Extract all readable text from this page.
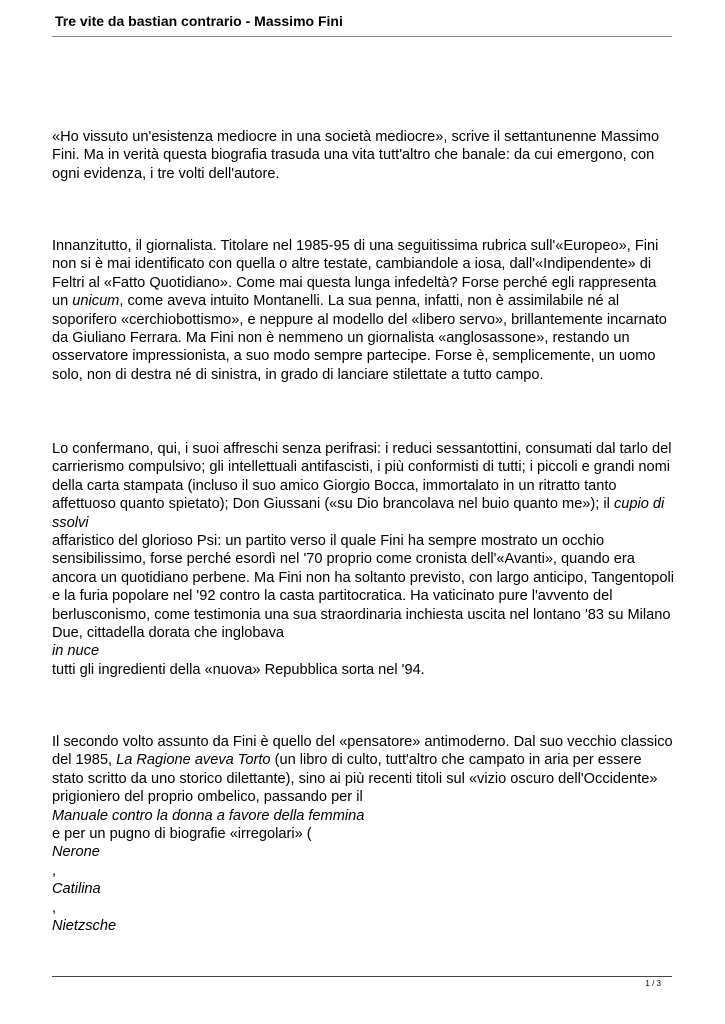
Tre vite da bastian contrario - Massimo Fini

«Ho vissuto un'esistenza mediocre in una società mediocre», scrive il settantunenne Massimo Fini. Ma in verità questa biografia trasuda una vita tutt'altro che banale: da cui emergono, con ogni evidenza, i tre volti dell'autore.

Innanzitutto, il giornalista. Titolare nel 1985-95 di una seguitissima rubrica sull'«Europeo», Fini non si è mai identificato con quella o altre testate, cambiandole a iosa, dall'«Indipendente» di Feltri al «Fatto Quotidiano». Come mai questa lunga infedeltà? Forse perché egli rappresenta un unicum, come aveva intuito Montanelli. La sua penna, infatti, non è assimilabile né al soporifero «cerchiobottismo», e neppure al modello del «libero servo», brillantemente incarnato da Giuliano Ferrara. Ma Fini non è nemmeno un giornalista «anglosassone», restando un osservatore impressionista, a suo modo sempre partecipe. Forse è, semplicemente, un uomo solo, non di destra né di sinistra, in grado di lanciare stilettate a tutto campo.

Lo confermano, qui, i suoi affreschi senza perifrasi: i reduci sessantottini, consumati dal tarlo del carrierismo compulsivo; gli intellettuali antifascisti, i più conformisti di tutti; i piccoli e grandi nomi della carta stampata (incluso il suo amico Giorgio Bocca, immortalato in un ritratto tanto affettuoso quanto spietato); Don Giussani («su Dio brancolava nel buio quanto me»); il cupio di ssolvi

affaristico del glorioso Psi: un partito verso il quale Fini ha sempre mostrato un occhio sensibilissimo, forse perché esordì nel '70 proprio come cronista dell'«Avanti», quando era ancora un quotidiano perbene. Ma Fini non ha soltanto previsto, con largo anticipo, Tangentopoli e la furia popolare nel '92 contro la casta partitocratica. Ha vaticinato pure l'avvento del berlusconismo, come testimonia una sua straordinaria inchiesta uscita nel lontano '83 su Milano Due, cittadella dorata che inglobava

in nuce

tutti gli ingredienti della «nuova» Repubblica sorta nel '94.

Il secondo volto assunto da Fini è quello del «pensatore» antimoderno. Dal suo vecchio classico del 1985, La Ragione aveva Torto (un libro di culto, tutt'altro che campato in aria per essere stato scritto da uno storico dilettante), sino ai più recenti titoli sul «vizio oscuro dell'Occidente» prigioniero del proprio ombelico, passando per il

Manuale contro la donna a favore della femmina

e per un pugno di biografie «irregolari» (

Nerone

,

Catilina

,

Nietzsche

1 / 3
